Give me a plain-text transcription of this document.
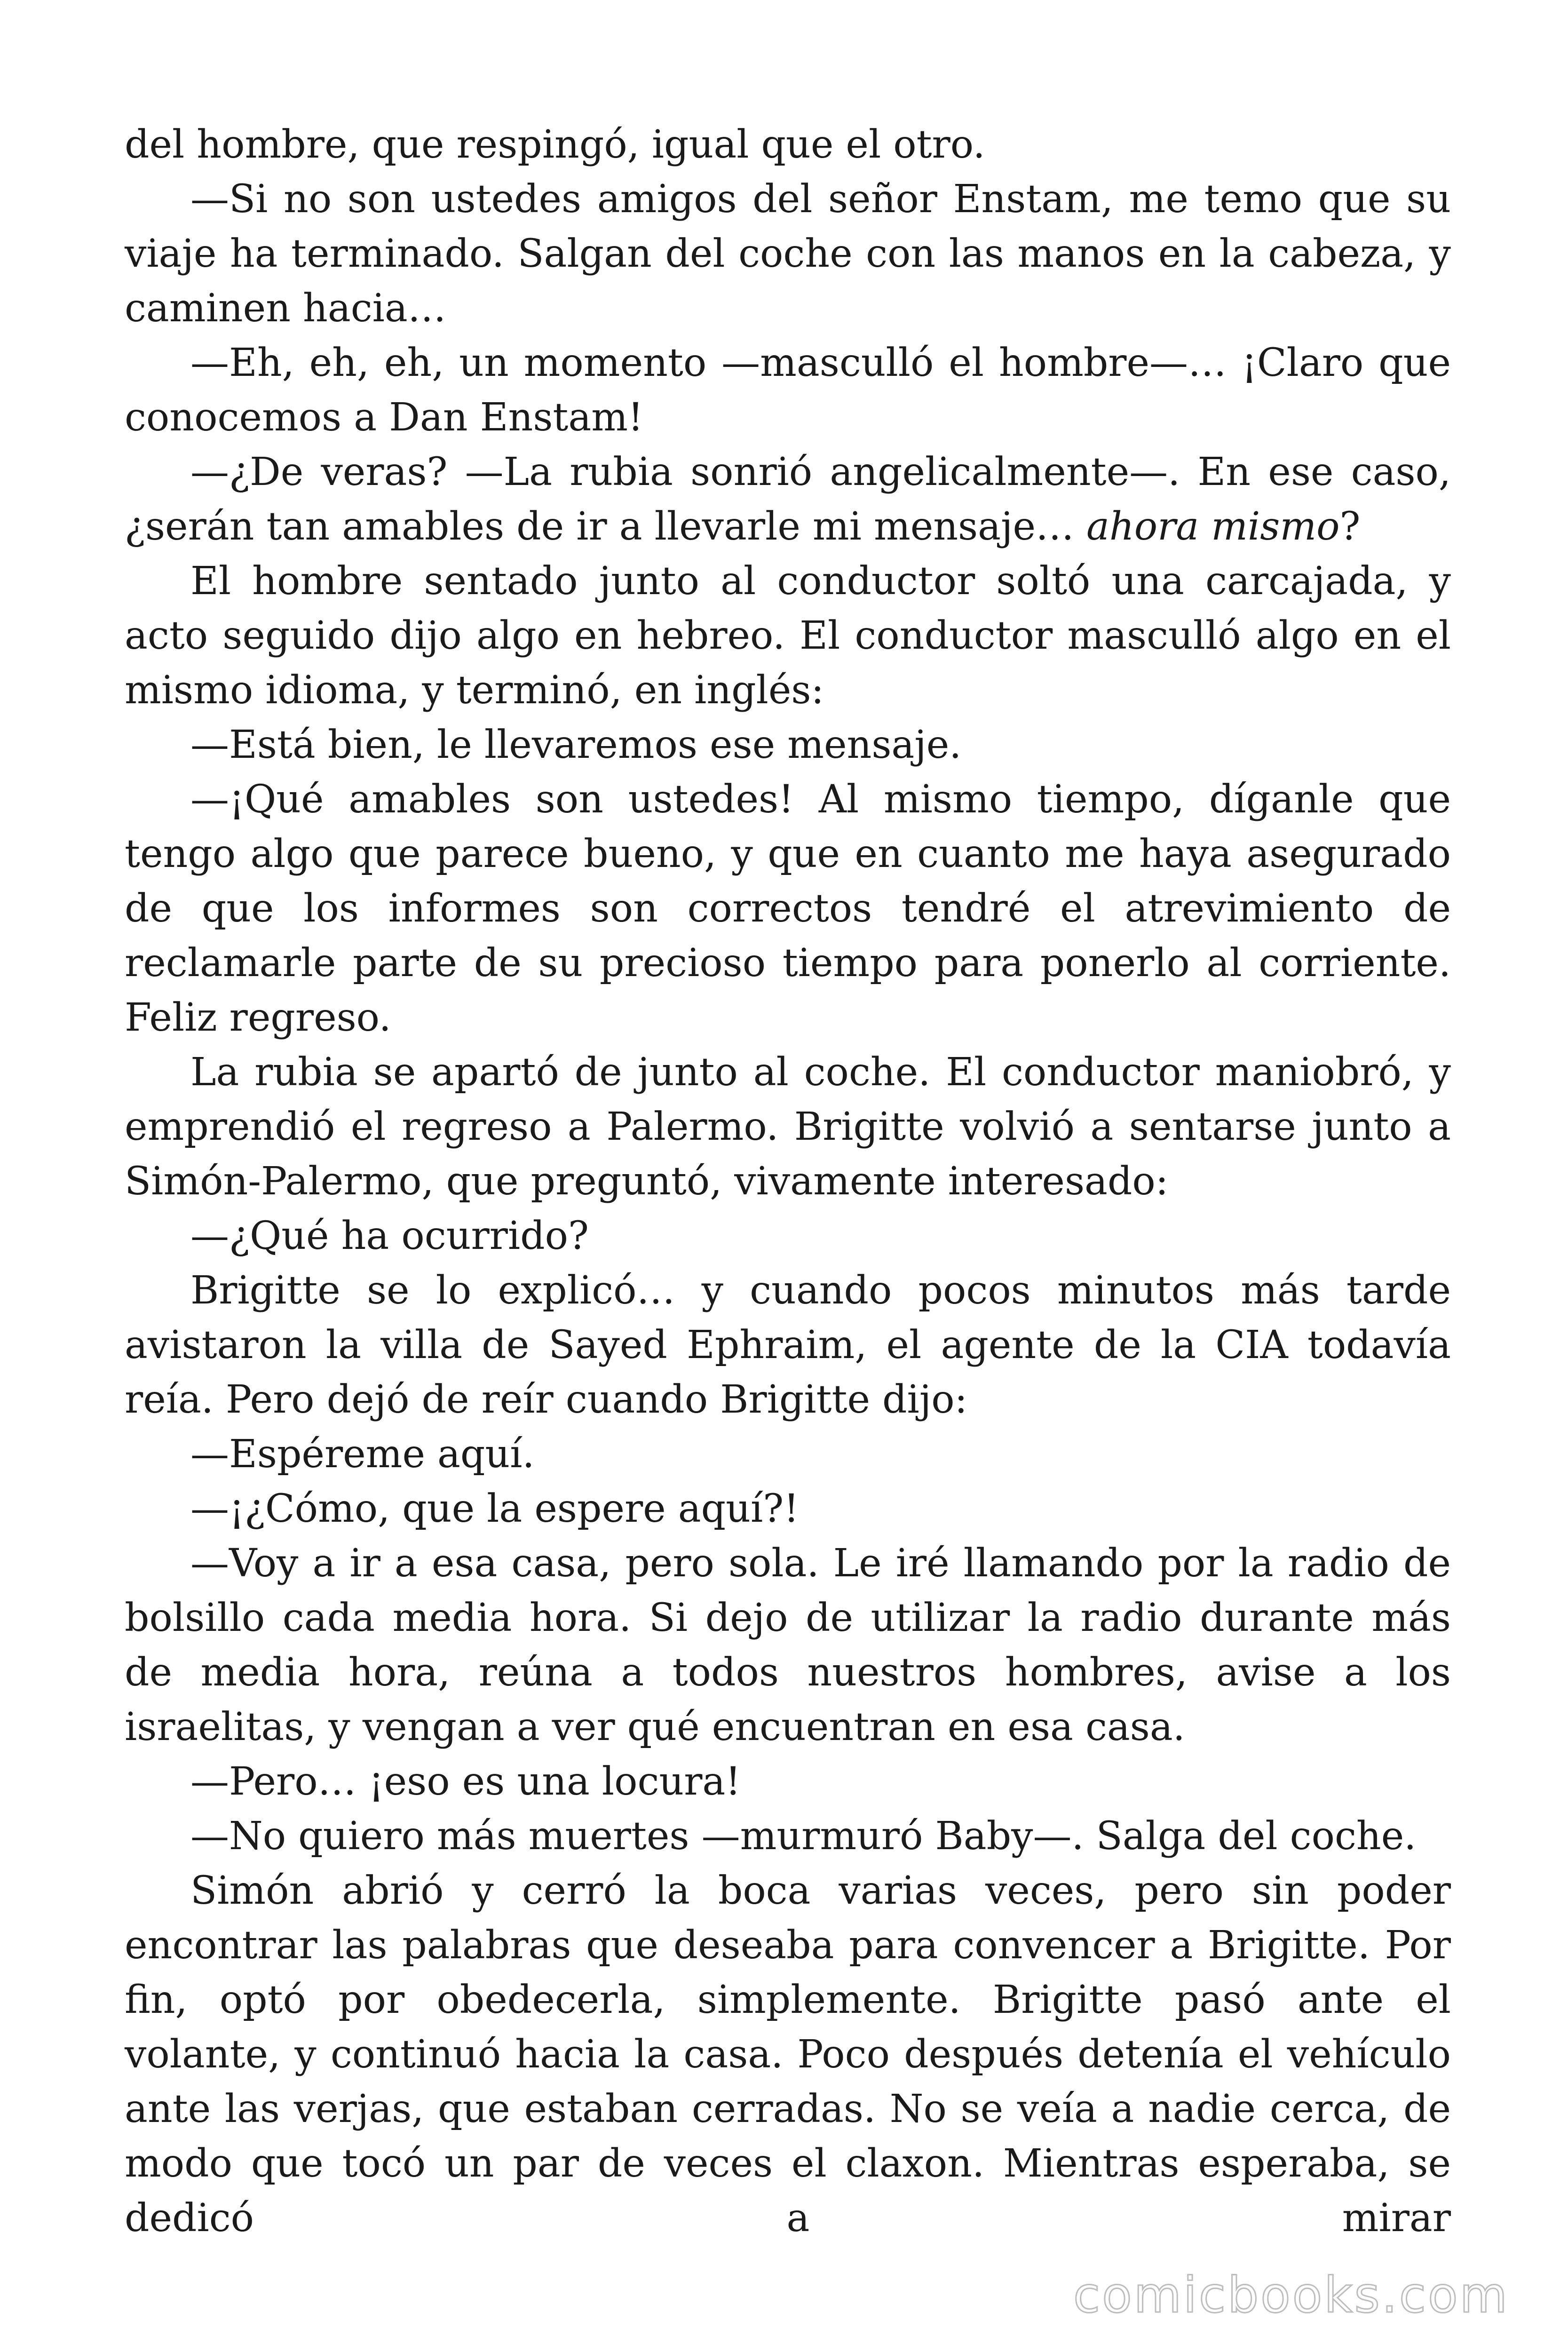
del hombre, que respingó, igual que el otro.

—Si no son ustedes amigos del señor Enstam, me temo que su viaje ha terminado. Salgan del coche con las manos en la cabeza, y caminen hacia…

—Eh, eh, eh, un momento —masculló el hombre—… ¡Claro que conocemos a Dan Enstam!

—¿De veras? —La rubia sonrió angelicalmente—. En ese caso, ¿serán tan amables de ir a llevarle mi mensaje… ahora mismo?

El hombre sentado junto al conductor soltó una carcajada, y acto seguido dijo algo en hebreo. El conductor masculló algo en el mismo idioma, y terminó, en inglés:

—Está bien, le llevaremos ese mensaje.

—¡Qué amables son ustedes! Al mismo tiempo, díganle que tengo algo que parece bueno, y que en cuanto me haya asegurado de que los informes son correctos tendré el atrevimiento de reclamarle parte de su precioso tiempo para ponerlo al corriente. Feliz regreso.

La rubia se apartó de junto al coche. El conductor maniobró, y emprendió el regreso a Palermo. Brigitte volvió a sentarse junto a Simón-Palermo, que preguntó, vivamente interesado:

—¿Qué ha ocurrido?

Brigitte se lo explicó… y cuando pocos minutos más tarde avistaron la villa de Sayed Ephraim, el agente de la CIA todavía reía. Pero dejó de reír cuando Brigitte dijo:

—Espéreme aquí.

—¡¿Cómo, que la espere aquí?!

—Voy a ir a esa casa, pero sola. Le iré llamando por la radio de bolsillo cada media hora. Si dejo de utilizar la radio durante más de media hora, reúna a todos nuestros hombres, avise a los israelitas, y vengan a ver qué encuentran en esa casa.

—Pero… ¡eso es una locura!

—No quiero más muertes —murmuró Baby—. Salga del coche.

Simón abrió y cerró la boca varias veces, pero sin poder encontrar las palabras que deseaba para convencer a Brigitte. Por fin, optó por obedecerla, simplemente. Brigitte pasó ante el volante, y continuó hacia la casa. Poco después detenía el vehículo ante las verjas, que estaban cerradas. No se veía a nadie cerca, de modo que tocó un par de veces el claxon. Mientras esperaba, se dedicó a mirar

comicbooks.com
